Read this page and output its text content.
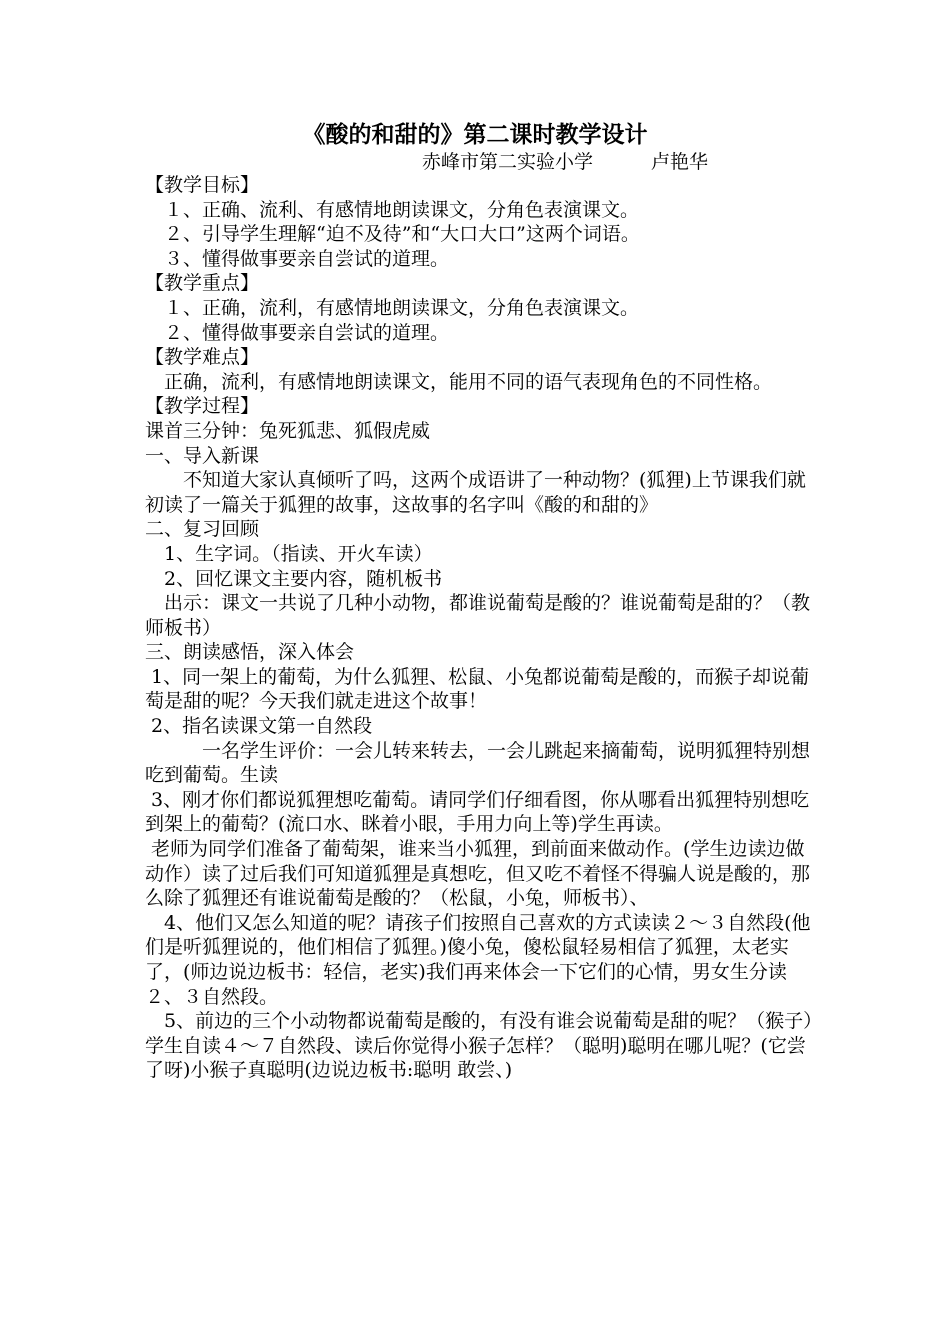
《酸的和甜的》第二课时教学设计
赤峰市第二实验小学	卢艳华

【教学目标】

　１、正确、流利、有感情地朗读课文，分角色表演课文。

　２、引导学生理解“迫不及待”和“大口大口”这两个词语。

　３、懂得做事要亲自尝试的道理。

【教学重点】

　１、正确，流利，有感情地朗读课文，分角色表演课文。

　２、懂得做事要亲自尝试的道理。

【教学难点】

　正确，流利，有感情地朗读课文，能用不同的语气表现角色的不同性格。

【教学过程】

课首三分钟：兔死狐悲、狐假虎威

一、导入新课

　　不知道大家认真倾听了吗，这两个成语讲了一种动物？(狐狸)上节课我们就初读了一篇关于狐狸的故事，这故事的名字叫《酸的和甜的》

二、复习回顾

　1、生字词。（指读、开火车读）

　2、回忆课文主要内容，随机板书

　出示：课文一共说了几种小动物，都谁说葡萄是酸的？谁说葡萄是甜的？（教师板书）

三、朗读感悟，深入体会

1、同一架上的葡萄，为什么狐狸、松鼠、小兔都说葡萄是酸的，而猴子却说葡萄是甜的呢？今天我们就走进这个故事！

2、指名读课文第一自然段

　　　一名学生评价：一会儿转来转去，一会儿跳起来摘葡萄，说明狐狸特别想吃到葡萄。生读

3、刚才你们都说狐狸想吃葡萄。请同学们仔细看图，你从哪看出狐狸特别想吃到架上的葡萄？(流口水、眯着小眼，手用力向上等)学生再读。

老师为同学们准备了葡萄架，谁来当小狐狸，到前面来做动作。(学生边读边做动作）读了过后我们可知道狐狸是真想吃，但又吃不着怪不得骗人说是酸的，那么除了狐狸还有谁说葡萄是酸的？（松鼠，小兔，师板书）、

　4、他们又怎么知道的呢？请孩子们按照自己喜欢的方式读读２～３自然段(他们是听狐狸说的，他们相信了狐狸。)傻小兔，傻松鼠轻易相信了狐狸，太老实了，(师边说边板书：轻信，老实)我们再来体会一下它们的心情，男女生分读２、３自然段。

　5、前边的三个小动物都说葡萄是酸的，有没有谁会说葡萄是甜的呢？（猴子）学生自读４～７自然段、读后你觉得小猴子怎样？（聪明)聪明在哪儿呢？(它尝了呀)小猴子真聪明(边说边板书:聪明 敢尝、)
